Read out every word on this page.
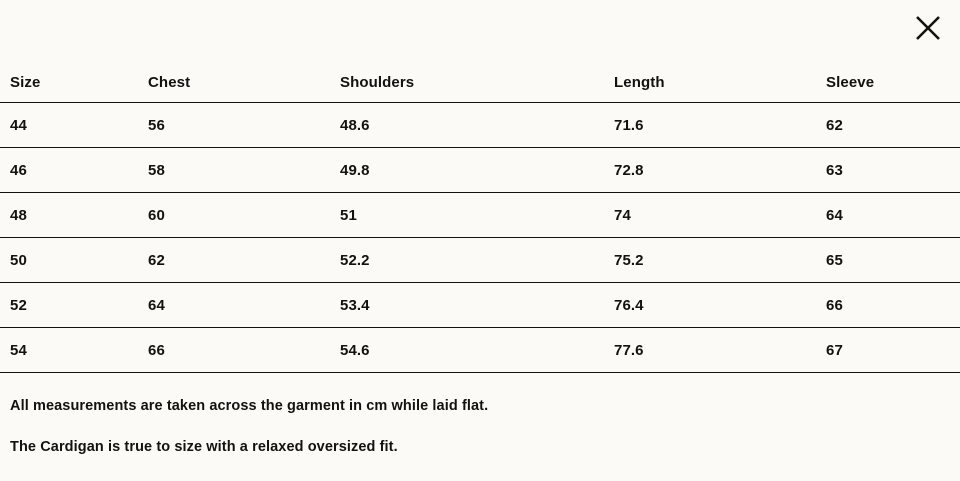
Size	Chest	Shoulders	Length	Sleeve
44	56	48.6	71.6	62
46	58	49.8	72.8	63
48	60	51	74	64
50	62	52.2	75.2	65
52	64	53.4	76.4	66
54	66	54.6	77.6	67
All measurements are taken across the garment in cm while laid flat.
The Cardigan is true to size with a relaxed oversized fit.
